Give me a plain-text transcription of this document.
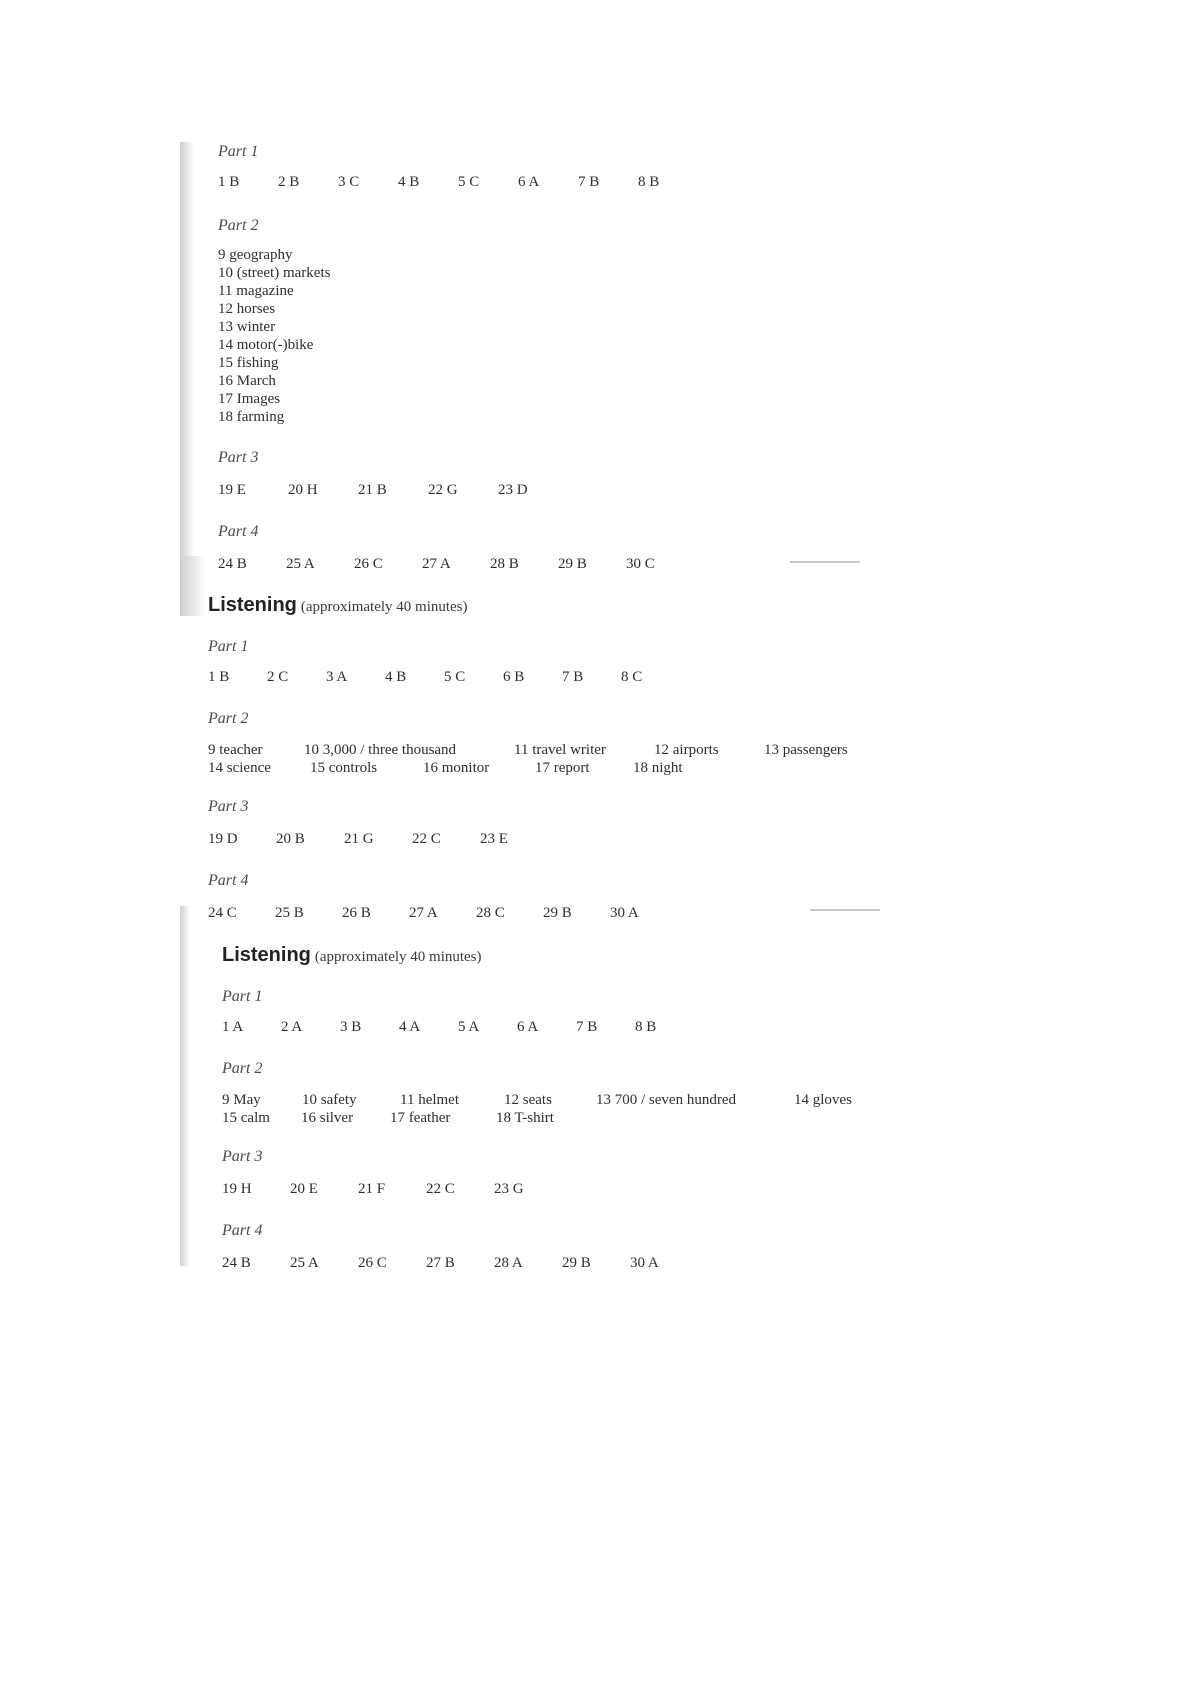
Part 1

1 B	2 B	3 C	4 B	5 C	6 A	7 B	8 B

Part 2

9 geography
10 (street) markets
11 magazine
12 horses
13 winter
14 motor(-)bike
15 fishing
16 March
17 Images
18 farming

Part 3

19 E	20 H	21 B	22 G	23 D

Part 4

24 B	25 A	26 C	27 A	28 B	29 B	30 C
Listening (approximately 40 minutes)

Part 1

1 B	2 C	3 A	4 B	5 C	6 B	7 B	8 C

Part 2

9 teacher	10 3,000 / three thousand	11 travel writer	12 airports	13 passengers
14 science	15 controls	16 monitor	17 report	18 night

Part 3

19 D	20 B	21 G	22 C	23 E

Part 4

24 C	25 B	26 B	27 A	28 C	29 B	30 A
Listening (approximately 40 minutes)

Part 1

1 A	2 A	3 B	4 A	5 A	6 A	7 B	8 B

Part 2

9 May	10 safety	11 helmet	12 seats	13 700 / seven hundred	14 gloves
15 calm	16 silver	17 feather	18 T-shirt

Part 3

19 H	20 E	21 F	22 C	23 G

Part 4

24 B	25 A	26 C	27 B	28 A	29 B	30 A
